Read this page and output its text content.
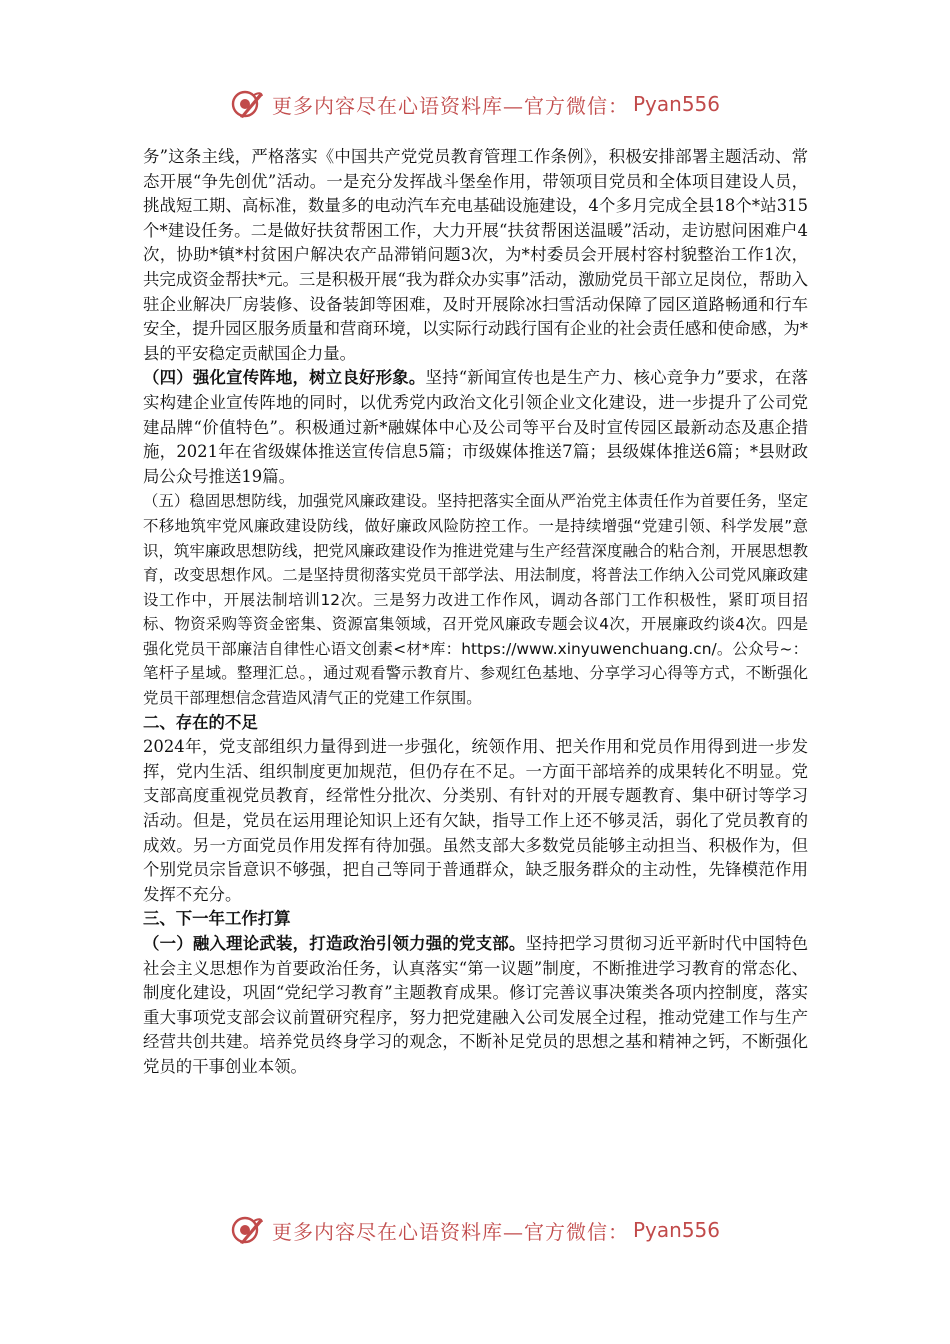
更多内容尽在心语资料库—官方微信： Pyan556

务”这条主线，严格落实《中国共产党党员教育管理工作条例》，积极安排部署主题活动、常态开展“争先创优”活动。一是充分发挥战斗堡垒作用，带领项目党员和全体项目建设人员，挑战短工期、高标准，数量多的电动汽车充电基础设施建设，4个多月完成全县18个*站315个*建设任务。二是做好扶贫帮困工作，大力开展“扶贫帮困送温暖”活动，走访慰问困难户4次，协助*镇*村贫困户解决农产品滞销问题3次，为*村委员会开展村容村貌整治工作1次，共完成资金帮扶*元。三是积极开展“我为群众办实事”活动，激励党员干部立足岗位，帮助入驻企业解决厂房装修、设备装卸等困难，及时开展除冰扫雪活动保障了园区道路畅通和行车安全，提升园区服务质量和营商环境，以实际行动践行国有企业的社会责任感和使命感，为*县的平安稳定贡献国企力量。

（四）强化宣传阵地，树立良好形象。坚持“新闻宣传也是生产力、核心竞争力”要求，在落实构建企业宣传阵地的同时，以优秀党内政治文化引领企业文化建设，进一步提升了公司党建品牌“价值特色”。积极通过新*融媒体中心及公司等平台及时宣传园区最新动态及惠企措施，2021年在省级媒体推送宣传信息5篇；市级媒体推送7篇；县级媒体推送6篇；*县财政局公众号推送19篇。

（五）稳固思想防线，加强党风廉政建设。坚持把落实全面从严治党主体责任作为首要任务，坚定不移地筑牢党风廉政建设防线，做好廉政风险防控工作。一是持续增强“党建引领、科学发展”意识，筑牢廉政思想防线，把党风廉政建设作为推进党建与生产经营深度融合的粘合剂，开展思想教育，改变思想作风。二是坚持贯彻落实党员干部学法、用法制度，将普法工作纳入公司党风廉政建设工作中，开展法制培训12次。三是努力改进工作作风，调动各部门工作积极性，紧盯项目招标、物资采购等资金密集、资源富集领域，召开党风廉政专题会议4次，开展廉政约谈4次。四是强化党员干部廉洁自律性心语文创素<材*库：https://www.xinyuwenchuang.cn/。公众号~：笔杆子星域。整理汇总。，通过观看警示教育片、参观红色基地、分享学习心得等方式，不断强化党员干部理想信念营造风清气正的党建工作氛围。

二、存在的不足

2024年，党支部组织力量得到进一步强化，统领作用、把关作用和党员作用得到进一步发挥，党内生活、组织制度更加规范，但仍存在不足。一方面干部培养的成果转化不明显。党支部高度重视党员教育，经常性分批次、分类别、有针对的开展专题教育、集中研讨等学习活动。但是，党员在运用理论知识上还有欠缺，指导工作上还不够灵活，弱化了党员教育的成效。另一方面党员作用发挥有待加强。虽然支部大多数党员能够主动担当、积极作为，但个别党员宗旨意识不够强，把自己等同于普通群众，缺乏服务群众的主动性，先锋模范作用发挥不充分。

三、下一年工作打算

（一）融入理论武装，打造政治引领力强的党支部。坚持把学习贯彻习近平新时代中国特色社会主义思想作为首要政治任务，认真落实“第一议题”制度，不断推进学习教育的常态化、制度化建设，巩固“党纪学习教育”主题教育成果。修订完善议事决策类各项内控制度，落实重大事项党支部会议前置研究程序，努力把党建融入公司发展全过程，推动党建工作与生产经营共创共建。培养党员终身学习的观念，不断补足党员的思想之基和精神之钙，不断强化党员的干事创业本领。

更多内容尽在心语资料库—官方微信： Pyan556
